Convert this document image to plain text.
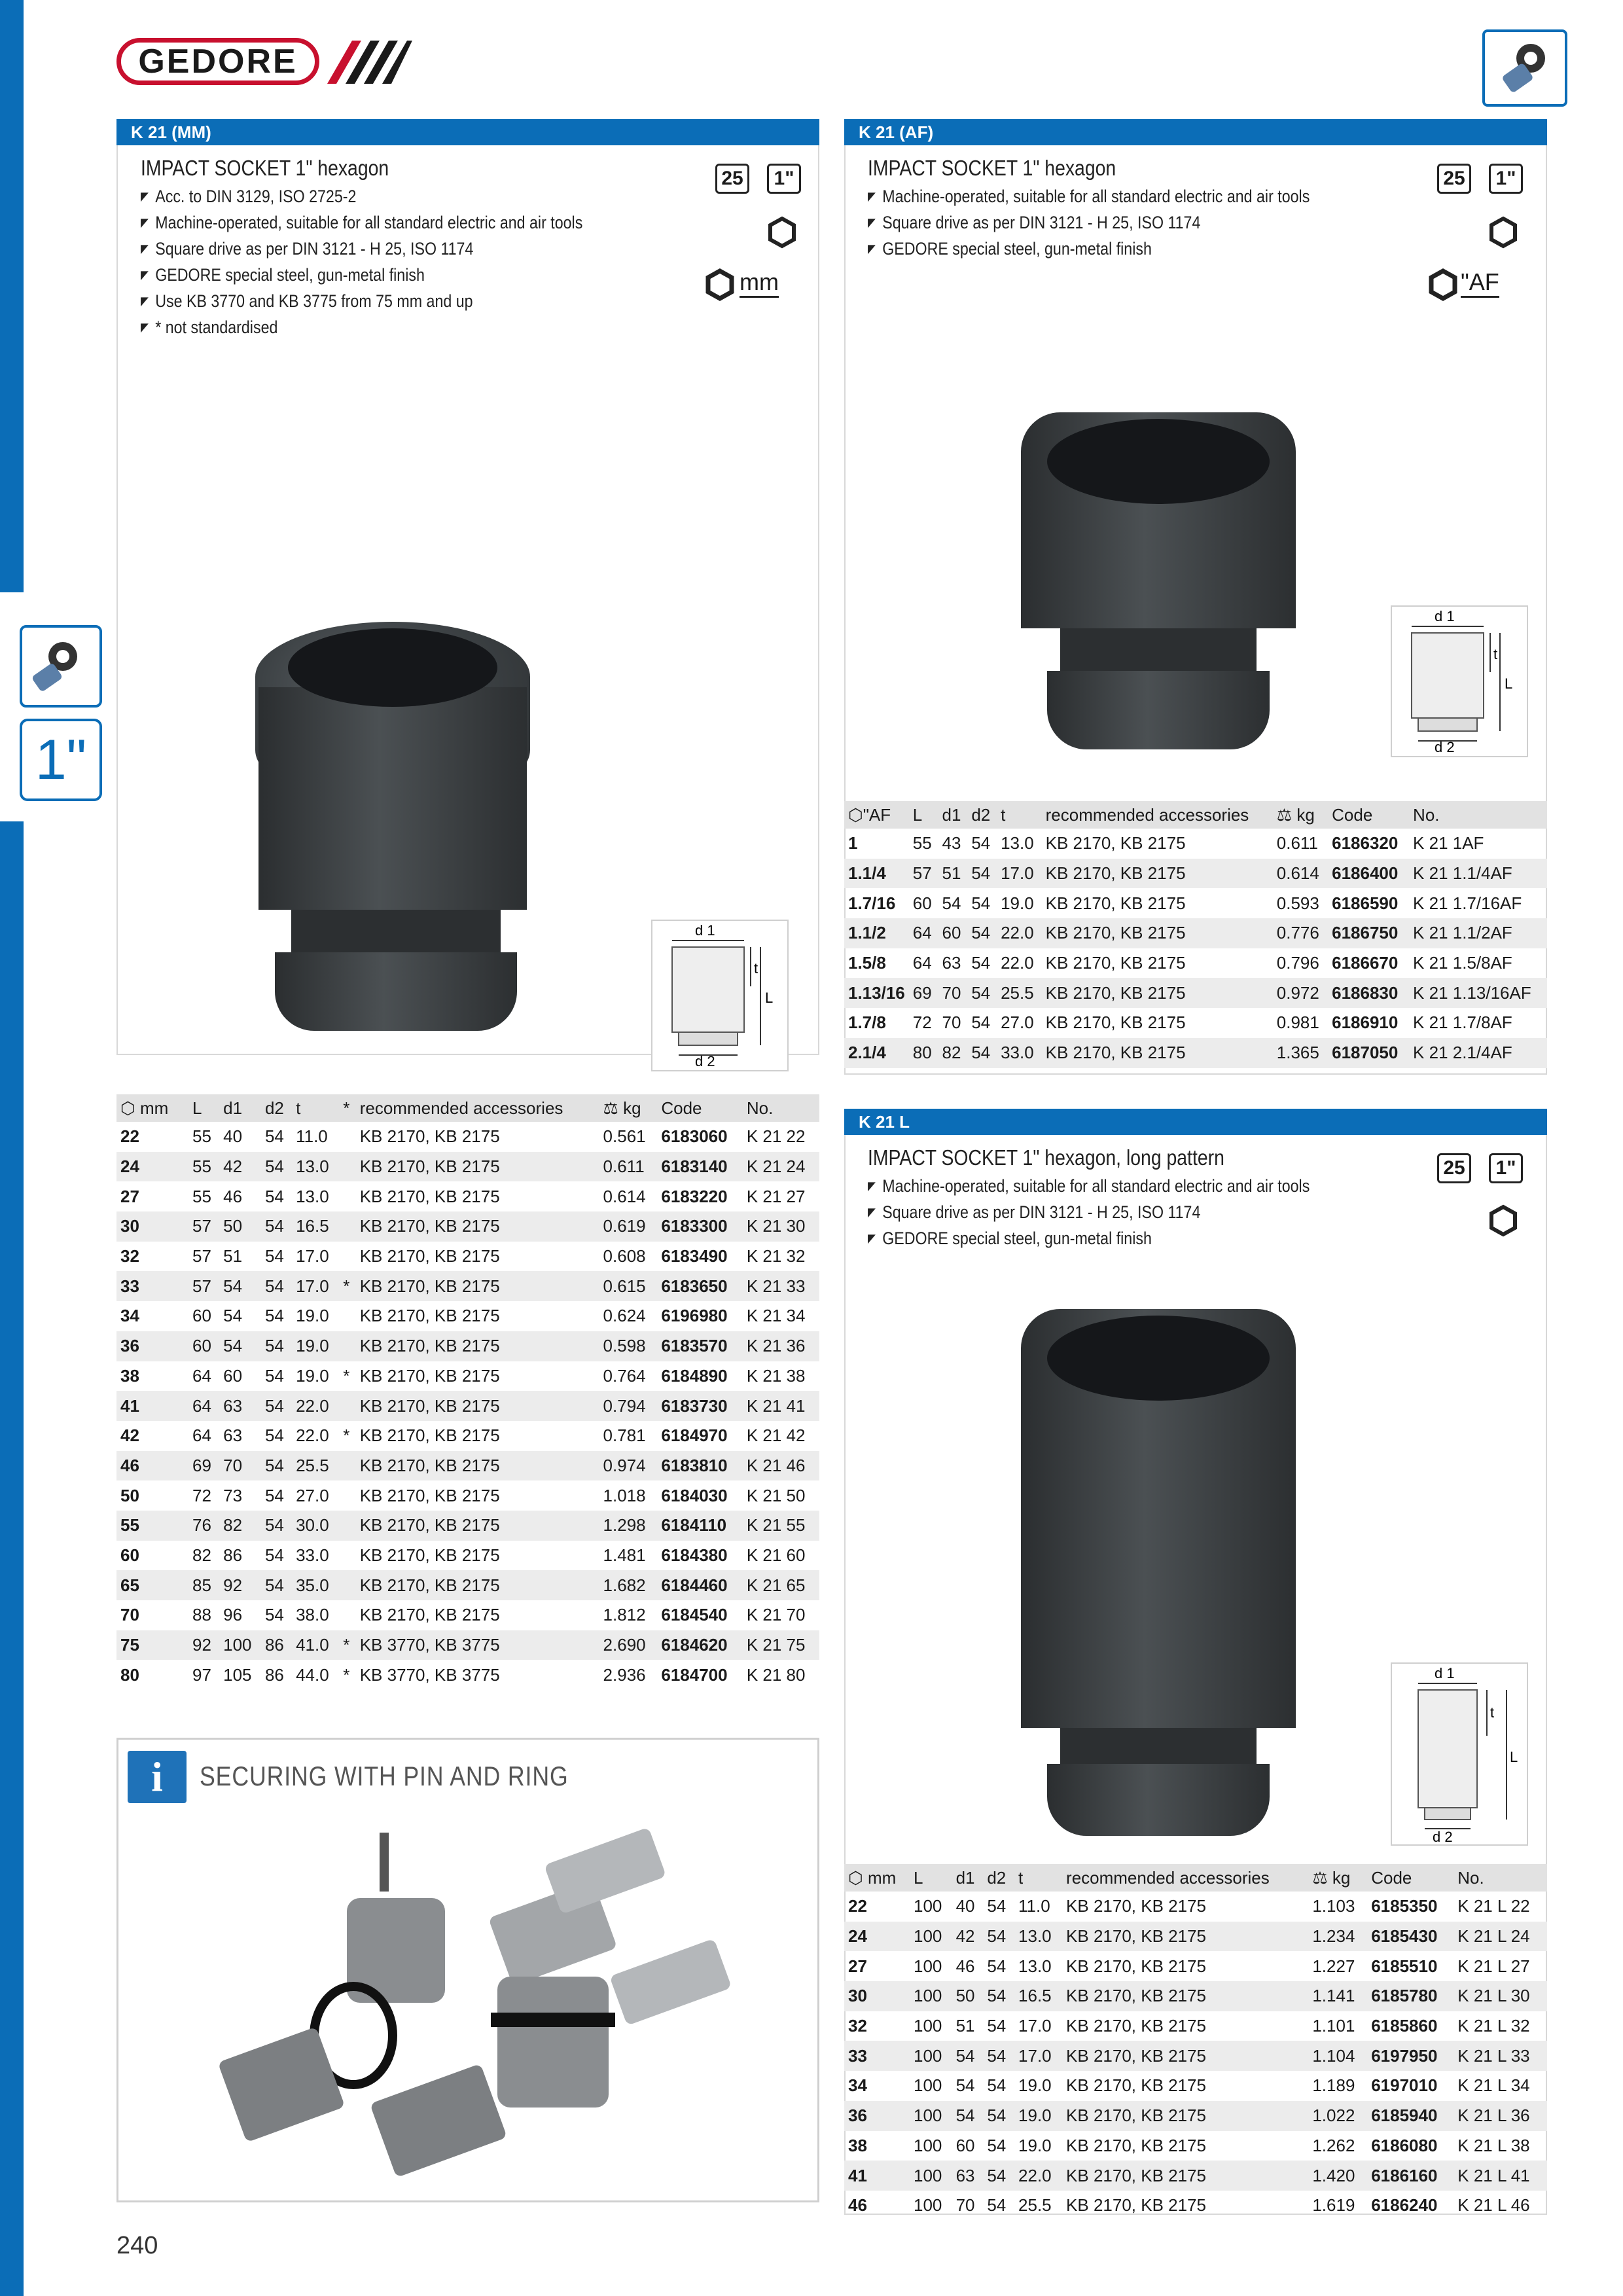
GEDORE
1"
K 21 (MM)
IMPACT SOCKET 1" hexagon
◤ Acc. to DIN 3129, ISO 2725-2
◤ Machine-operated, suitable for all standard electric and air tools
◤ Square drive as per DIN 3121 - H 25, ISO 1174
◤ GEDORE special steel, gun-metal finish
◤ Use KB 3770 and KB 3775 from 75 mm and up
◤ * not standardised
25	1"
mm
d 1
t
L
d 2
⬡ mm	L	d1	d2	t	*	recommended accessories	⚖ kg	Code	No.
22	55	40	54	11.0		KB 2170, KB 2175	0.561	6183060	K 21 22
24	55	42	54	13.0		KB 2170, KB 2175	0.611	6183140	K 21 24
27	55	46	54	13.0		KB 2170, KB 2175	0.614	6183220	K 21 27
30	57	50	54	16.5		KB 2170, KB 2175	0.619	6183300	K 21 30
32	57	51	54	17.0		KB 2170, KB 2175	0.608	6183490	K 21 32
33	57	54	54	17.0	*	KB 2170, KB 2175	0.615	6183650	K 21 33
34	60	54	54	19.0		KB 2170, KB 2175	0.624	6196980	K 21 34
36	60	54	54	19.0		KB 2170, KB 2175	0.598	6183570	K 21 36
38	64	60	54	19.0	*	KB 2170, KB 2175	0.764	6184890	K 21 38
41	64	63	54	22.0		KB 2170, KB 2175	0.794	6183730	K 21 41
42	64	63	54	22.0	*	KB 2170, KB 2175	0.781	6184970	K 21 42
46	69	70	54	25.5		KB 2170, KB 2175	0.974	6183810	K 21 46
50	72	73	54	27.0		KB 2170, KB 2175	1.018	6184030	K 21 50
55	76	82	54	30.0		KB 2170, KB 2175	1.298	6184110	K 21 55
60	82	86	54	33.0		KB 2170, KB 2175	1.481	6184380	K 21 60
65	85	92	54	35.0		KB 2170, KB 2175	1.682	6184460	K 21 65
70	88	96	54	38.0		KB 2170, KB 2175	1.812	6184540	K 21 70
75	92	100	86	41.0	*	KB 3770, KB 3775	2.690	6184620	K 21 75
80	97	105	86	44.0	*	KB 3770, KB 3775	2.936	6184700	K 21 80
K 21 (AF)
IMPACT SOCKET 1" hexagon
◤ Machine-operated, suitable for all standard electric and air tools
◤ Square drive as per DIN 3121 - H 25, ISO 1174
◤ GEDORE special steel, gun-metal finish
25	1"
"AF
d 1
t
L
d 2
⬡"AF	L	d1	d2	t	recommended accessories	⚖ kg	Code	No.
1	55	43	54	13.0	KB 2170, KB 2175	0.611	6186320	K 21 1AF
1.1/4	57	51	54	17.0	KB 2170, KB 2175	0.614	6186400	K 21 1.1/4AF
1.7/16	60	54	54	19.0	KB 2170, KB 2175	0.593	6186590	K 21 1.7/16AF
1.1/2	64	60	54	22.0	KB 2170, KB 2175	0.776	6186750	K 21 1.1/2AF
1.5/8	64	63	54	22.0	KB 2170, KB 2175	0.796	6186670	K 21 1.5/8AF
1.13/16	69	70	54	25.5	KB 2170, KB 2175	0.972	6186830	K 21 1.13/16AF
1.7/8	72	70	54	27.0	KB 2170, KB 2175	0.981	6186910	K 21 1.7/8AF
2.1/4	80	82	54	33.0	KB 2170, KB 2175	1.365	6187050	K 21 2.1/4AF
K 21 L
IMPACT SOCKET 1" hexagon, long pattern
◤ Machine-operated, suitable for all standard electric and air tools
◤ Square drive as per DIN 3121 - H 25, ISO 1174
◤ GEDORE special steel, gun-metal finish
25	1"
d 1
t
L
d 2
⬡ mm	L	d1	d2	t	recommended accessories	⚖ kg	Code	No.
22	100	40	54	11.0	KB 2170, KB 2175	1.103	6185350	K 21 L 22
24	100	42	54	13.0	KB 2170, KB 2175	1.234	6185430	K 21 L 24
27	100	46	54	13.0	KB 2170, KB 2175	1.227	6185510	K 21 L 27
30	100	50	54	16.5	KB 2170, KB 2175	1.141	6185780	K 21 L 30
32	100	51	54	17.0	KB 2170, KB 2175	1.101	6185860	K 21 L 32
33	100	54	54	17.0	KB 2170, KB 2175	1.104	6197950	K 21 L 33
34	100	54	54	19.0	KB 2170, KB 2175	1.189	6197010	K 21 L 34
36	100	54	54	19.0	KB 2170, KB 2175	1.022	6185940	K 21 L 36
38	100	60	54	19.0	KB 2170, KB 2175	1.262	6186080	K 21 L 38
41	100	63	54	22.0	KB 2170, KB 2175	1.420	6186160	K 21 L 41
46	100	70	54	25.5	KB 2170, KB 2175	1.619	6186240	K 21 L 46
i	SECURING WITH PIN AND RING
240
